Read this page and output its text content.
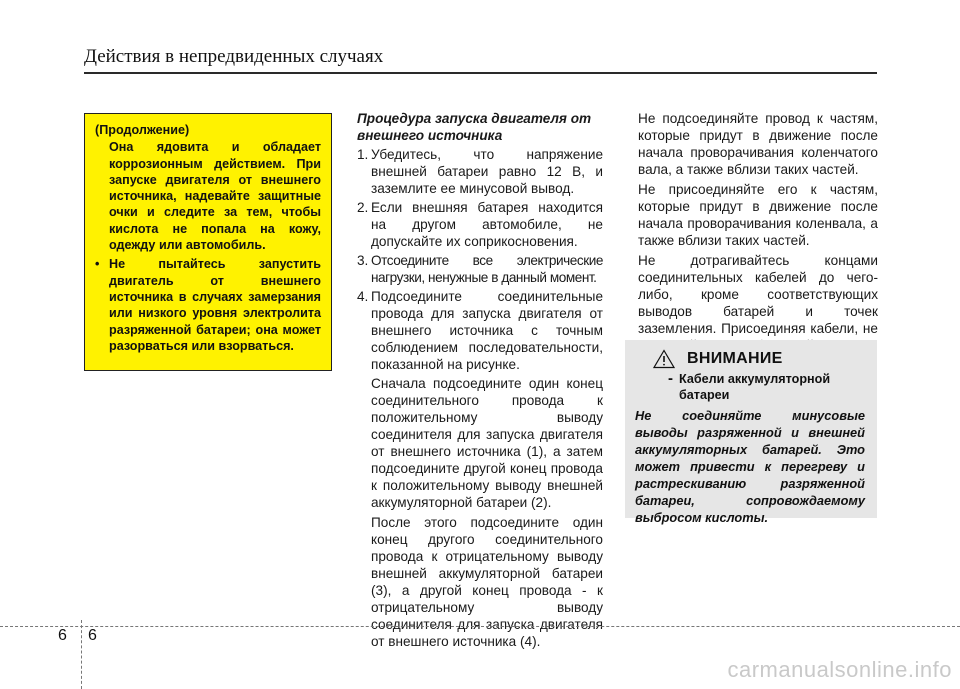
Действия в непредвиденных случаях
(Продолжение)
Она ядовита и обладает коррозионным действием. При запуске двигателя от внешнего источника, надевайте защитные очки и следите за тем, чтобы кислота не попала на кожу, одежду или автомобиль.
• Не пытайтесь запустить двигатель от внешнего источника в случаях замерзания или низкого уровня электролита разряженной батареи; она может разорваться или взорваться.
Процедура запуска двигателя от внешнего источника
1. Убедитесь, что напряжение внешней батареи равно 12 В, и заземлите ее минусовой вывод.
2. Если внешняя батарея находится на другом автомобиле, не допускайте их соприкосновения.
3. Отсоедините все электрические нагрузки, ненужные в данный момент.
4. Подсоедините соединительные провода для запуска двигателя от внешнего источника с точным соблюдением последовательности, показанной на рисунке.
Сначала подсоедините один конец соединительного провода к положительному выводу соединителя для запуска двигателя от внешнего источника (1), а затем подсоедините другой конец провода к положительному выводу внешней аккумуляторной батареи (2).
После этого подсоедините один конец другого соединительного провода к отрицательному выводу внешней аккумуляторной батареи (3), а другой конец провода - к отрицательному выводу соединителя для запуска двигателя от внешнего источника (4).
Не подсоединяйте провод к частям, которые придут в движение после начала проворачивания коленчатого вала, а также вблизи таких частей.
Не присоединяйте его к частям, которые придут в движение после начала проворачивания коленвала, а также вблизи таких частей.
Не дотрагивайтесь концами соединительных кабелей до чего-либо, кроме соответствующих выводов батарей и точек заземления. Присоединяя кабели, не
ВНИМАНИЕ
- Кабели аккумуляторной батареи
Не соединяйте минусовые выводы разряженной и внешней аккумуляторных батарей. Это может привести к перегреву и растрескиванию разряженной батареи, сопровождаемому выбросом кислоты.
6 6
carmanualsonline.info
